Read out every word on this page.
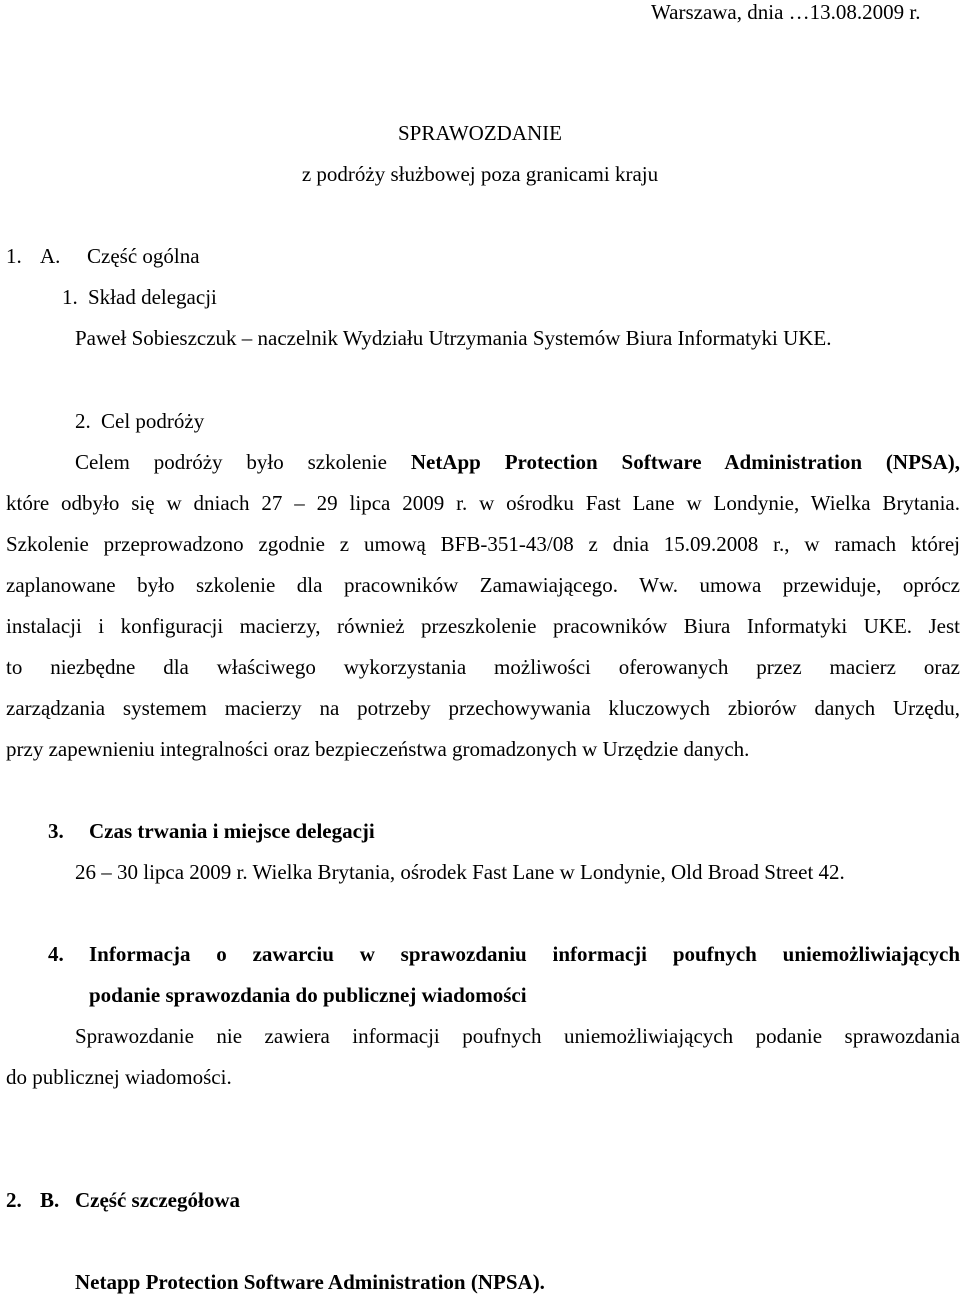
Warszawa, dnia …13.08.2009 r.

SPRAWOZDANIE

z podróży służbowej poza granicami kraju

1. A. Część ogólna
1. Skład delegacji

Paweł Sobieszczuk – naczelnik Wydziału Utrzymania Systemów Biura Informatyki UKE.

2. Cel podróży

Celem podróży było szkolenie NetApp Protection Software Administration (NPSA),

które odbyło się w dniach 27 – 29 lipca 2009 r. w ośrodku Fast Lane w Londynie, Wielka Brytania.

Szkolenie przeprowadzono zgodnie z umową BFB-351-43/08 z dnia 15.09.2008 r., w ramach której

zaplanowane było szkolenie dla pracowników Zamawiającego. Ww. umowa przewiduje, oprócz

instalacji i konfiguracji macierzy, również przeszkolenie pracowników Biura Informatyki UKE. Jest

to niezbędne dla właściwego wykorzystania możliwości oferowanych przez macierz oraz

zarządzania systemem macierzy na potrzeby przechowywania kluczowych zbiorów danych Urzędu,

przy zapewnieniu integralności oraz bezpieczeństwa gromadzonych w Urzędzie danych.

3. Czas trwania i miejsce delegacji

26 – 30 lipca 2009 r. Wielka Brytania, ośrodek Fast Lane w Londynie, Old Broad Street 42.

4. Informacja o zawarciu w sprawozdaniu informacji poufnych uniemożliwiających

podanie sprawozdania do publicznej wiadomości

Sprawozdanie nie zawiera informacji poufnych uniemożliwiających podanie sprawozdania

do publicznej wiadomości.

2. B. Część szczegółowa

Netapp Protection Software Administration (NPSA).
